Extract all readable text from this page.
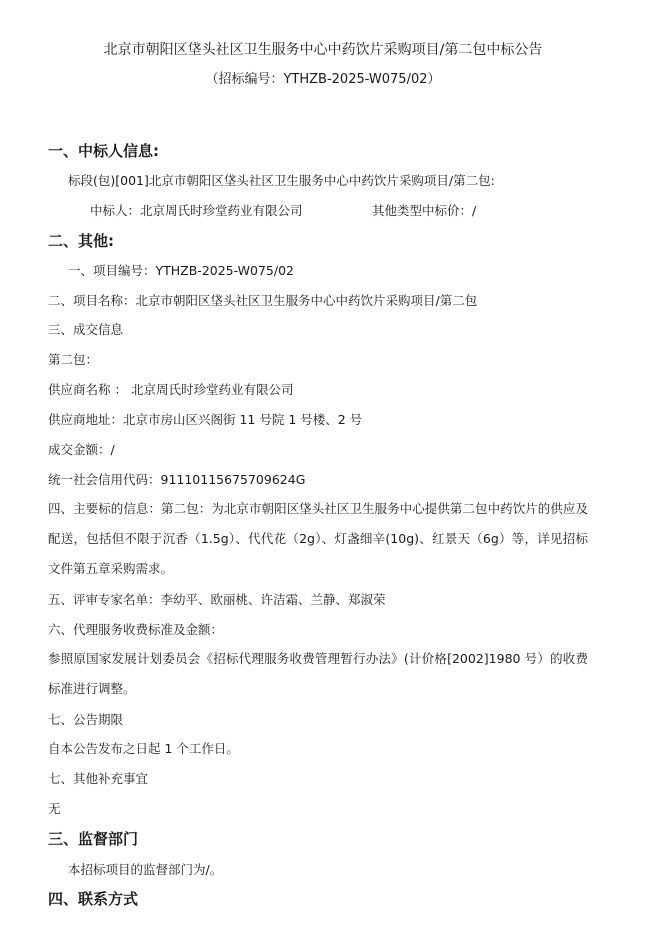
北京市朝阳区垡头社区卫生服务中心中药饮片采购项目/第二包中标公告
（招标编号：YTHZB-2025-W075/02）
一、中标人信息:
标段(包)[001]北京市朝阳区垡头社区卫生服务中心中药饮片采购项目/第二包:
中标人：北京周氏时珍堂药业有限公司	其他类型中标价：/
二、其他:
一、项目编号：YTHZB-2025-W075/02
二、项目名称：北京市朝阳区垡头社区卫生服务中心中药饮片采购项目/第二包
三、成交信息
第二包：
供应商名称 ： 北京周氏时珍堂药业有限公司
供应商地址：北京市房山区兴阁街 11 号院 1 号楼、2 号
成交金额：/
统一社会信用代码：91110115675709624G
四、主要标的信息：第二包：为北京市朝阳区垡头社区卫生服务中心提供第二包中药饮片的供应及配送，包括但不限于沉香（1.5g）、代代花（2g）、灯盏细辛(10g)、红景天（6g）等，详见招标文件第五章采购需求。
五、评审专家名单：李幼平、欧丽桃、许洁霜、兰静、郑淑荣
六、代理服务收费标准及金额：
参照原国家发展计划委员会《招标代理服务收费管理暂行办法》(计价格[2002]1980 号）的收费标准进行调整。
七、公告期限
自本公告发布之日起 1 个工作日。
七、其他补充事宜
无
三、监督部门
本招标项目的监督部门为/。
四、联系方式
